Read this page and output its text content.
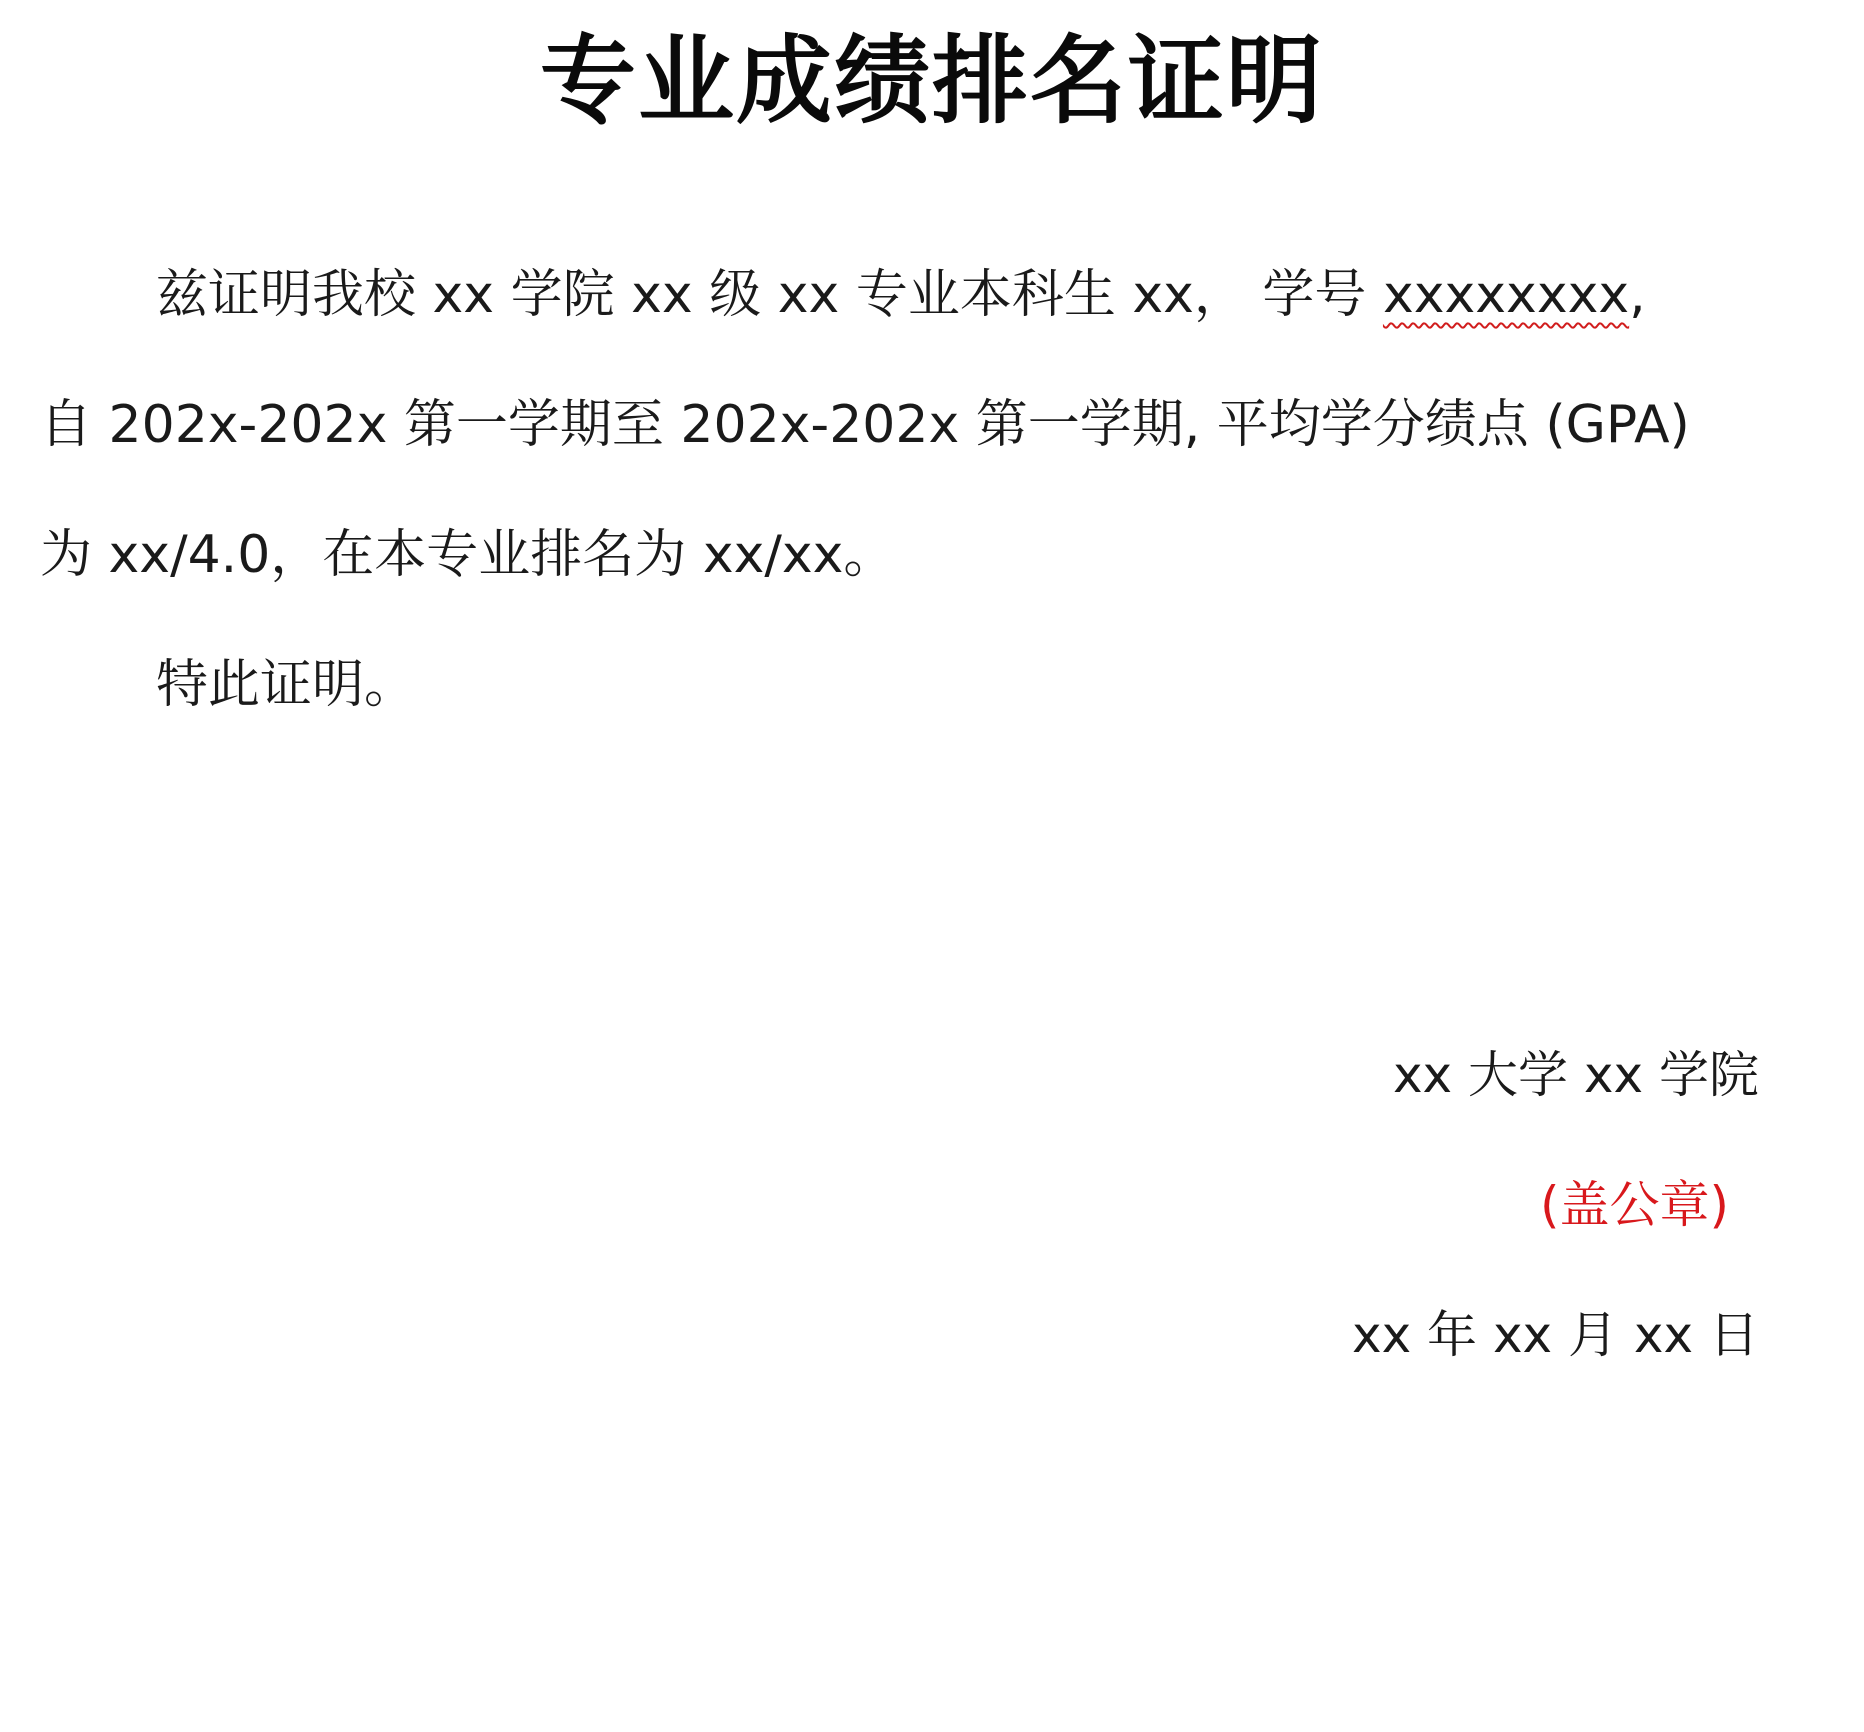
专业成绩排名证明
兹证明我校 xx 学院 xx 级 xx 专业本科生 xx， 学号 xxxxxxxx,
自 202x-202x 第一学期至 202x-202x 第一学期, 平均学分绩点 (GPA)
为 xx/4.0，在本专业排名为 xx/xx。
特此证明。
xx 大学 xx 学院
(盖公章)
xx 年 xx 月 xx 日
